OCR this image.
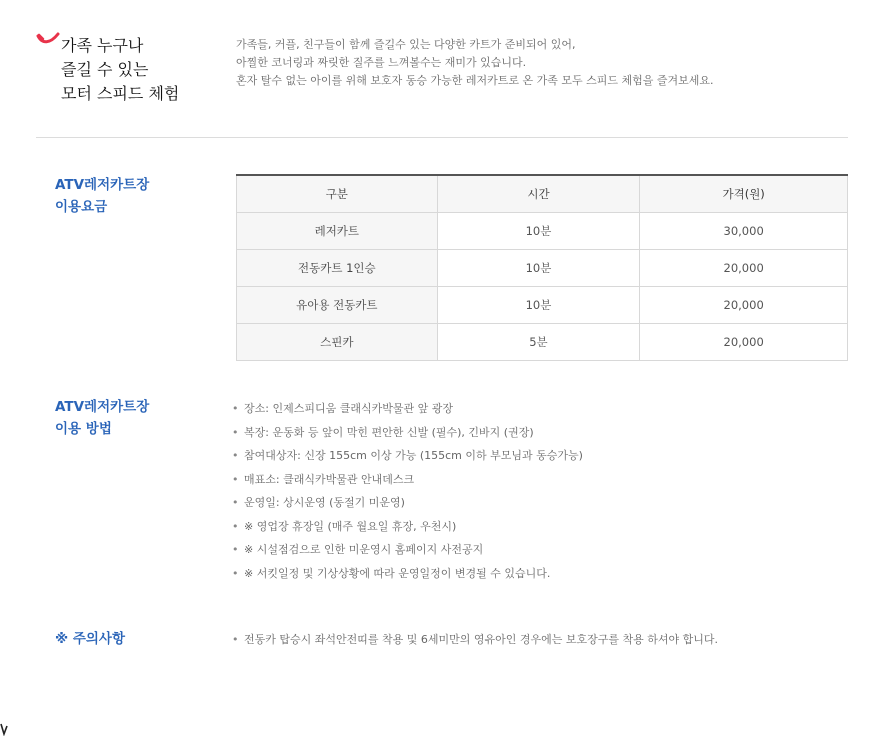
가족 누구나
즐길 수 있는
모터 스피드 체험
가족들, 커플, 친구들이 함께 즐길수 있는 다양한 카트가 준비되어 있어,
아찔한 코너링과 짜릿한 질주를 느껴볼수는 재미가 있습니다.
혼자 탈수 없는 아이를 위해 보호자 동승 가능한 레저카트로 온 가족 모두 스피드 체험을 즐겨보세요.
ATV레저카트장
이용요금
구분	시간	가격(원)
레저카트	10분	30,000
전동카트 1인승	10분	20,000
유아용 전동카트	10분	20,000
스핀카	5분	20,000
ATV레저카트장
이용 방법
• 장소: 인제스피디움 클래식카박물관 앞 광장
• 복장: 운동화 등 앞이 막힌 편안한 신발 (필수), 긴바지 (권장)
• 참여대상자: 신장 155cm 이상 가능 (155cm 이하 부모님과 동승가능)
• 매표소: 클래식카박물관 안내데스크
• 운영일: 상시운영 (동절기 미운영)
• ※ 영업장 휴장일 (매주 월요일 휴장, 우천시)
• ※ 시설점검으로 인한 미운영시 홈페이지 사전공지
• ※ 서킷일정 및 기상상황에 따라 운영일정이 변경될 수 있습니다.
※ 주의사항	• 전동카 탑승시 좌석안전띠를 착용 및 6세미만의 영유아인 경우에는 보호장구를 착용 하셔야 합니다.
